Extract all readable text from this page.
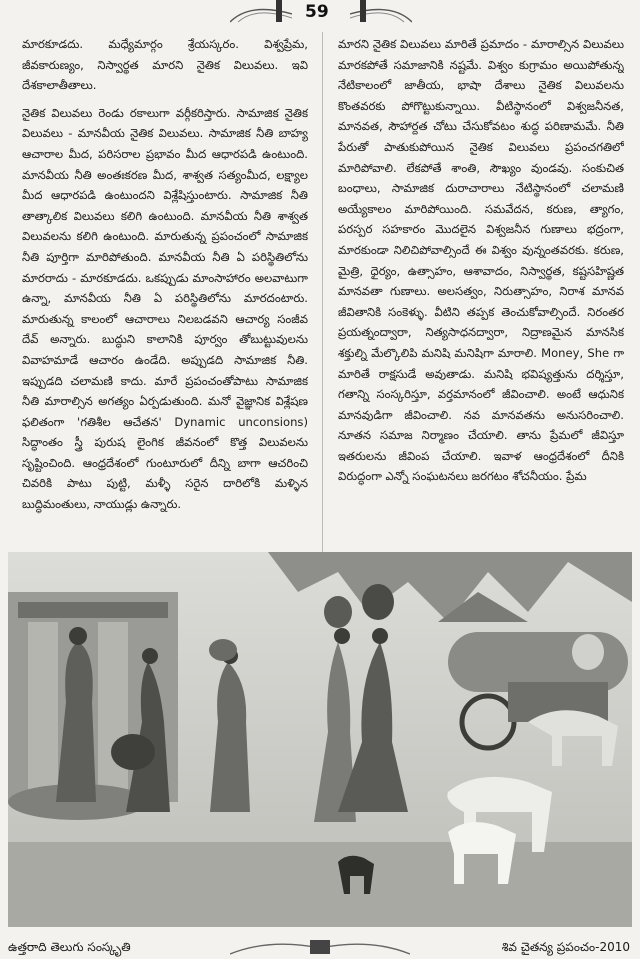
59

మారకూడదు. మధ్యేమార్గం శ్రేయస్కరం. విశ్వప్రేమ, జీవకారుణ్యం, నిస్వార్థత మారని నైతిక విలువలు. ఇవి దేశకాలాతీతాలు.

నైతిక విలువలు రెండు రకాలుగా వర్గీకరిస్తారు. సామాజిక నైతిక విలువలు - మానవీయ నైతిక విలువలు. సామాజిక నీతి బాహ్య ఆచారాల మీద, పరిసరాల ప్రభావం మీద ఆధారపడి ఉంటుంది. మానవీయ నీతి అంతఃకరణ మీద, శాశ్వత సత్యంమీద, లక్ష్యాల మీద ఆధారపడి ఉంటుందని విశ్లేషిస్తుంటారు. సామాజిక నీతి తాత్కాలిక విలువలు కలిగి ఉంటుంది. మానవీయ నీతి శాశ్వత విలువలను కలిగి ఉంటుంది. మారుతున్న ప్రపంచంలో సామాజిక నీతి పూర్తిగా మారిపోతుంది. మానవీయ నీతి ఏ పరిస్థితిలోను మారరాదు - మారకూడదు. ఒకప్పుడు మాంసాహారం అలవాటుగా ఉన్నా, మానవీయ నీతి ఏ పరిస్థితిలోను మారదంటారు. మారుతున్న కాలంలో ఆచారాలు నిలబడవని ఆచార్య సంజీవ దేవ్ అన్నారు. బుద్ధుని కాలానికి పూర్వం తోబుట్టువులను వివాహమాడే ఆచారం ఉండేది. అప్పుడది సామాజిక నీతి. ఇప్పుడది చలామణి కాదు. మారే ప్రపంచంతోపాటు సామాజిక నీతి మారాల్సిన అగత్యం ఏర్పడుతుంది. మనో వైజ్ఞానిక విశ్లేషణ ఫలితంగా 'గతిశీల ఆచేతన' Dynamic unconsions) సిద్ధాంతం స్త్రీ పురుష లైంగిక జీవనంలో కొత్త విలువలను సృష్టించింది. ఆంధ్రదేశంలో గుంటూరులో దీన్ని బాగా ఆచరించి చివరికి పాటు పుట్టి, మళ్ళీ సరైన దారిలోకి మళ్ళిన బుద్ధిమంతులు, నాయుడ్లు ఉన్నారు.

మారని నైతిక విలువలు మారితే ప్రమాదం - మారాల్సిన విలువలు మారకపోతే సమాజానికి నష్టమే. విశ్వం కుగ్రామం అయిపోతున్న నేటికాలంలో జాతీయ, భాషా దేశాలు నైతిక విలువలను కొంతవరకు పోగొట్టుకున్నాయి. వీటిస్థానంలో విశ్వజనీనత, మానవత, సౌహార్దత చోటు చేసుకోవటం శుద్ధ పరిణామమే. నీతి పేరుతో పాతుకుపోయిన నైతిక విలువలు ప్రపంచగతిలో మారిపోవాలి. లేకపోతే శాంతి, సౌఖ్యం వుండవు. సంకుచిత బంధాలు, సామాజిక దురాచారాలు నేటిస్థానంలో చలామణి అయ్యేకాలం మారిపోయింది. సమవేదన, కరుణ, త్యాగం, పరస్పర సహకారం మొదలైన విశ్వజనీన గుణాలు భద్రంగా, మారకుండా నిలిచిపోవాల్సిందే ఈ విశ్వం వున్నంతవరకు. కరుణ, మైత్రి, ధైర్యం, ఉత్సాహం, ఆశావాదం, నిస్వార్థత, కష్టసహిష్ణత మానవతా గుణాలు. అలసత్వం, నిరుత్సాహం, నిరాశ మానవ జీవితానికి సంకెళ్ళు. వీటిని తప్పక తెంచుకోవాల్సిందే. నిరంతర ప్రయత్నంద్వారా, నిత్యసాధనద్వారా, నిద్రాణమైన మానసిక శక్తుల్ని మేల్కొలిపి మనిషి మనిషిగా మారాలి. Money, She గా మారితే రాక్షసుడే అవుతాడు. మనిషి భవిష్యత్తును దర్శిస్తూ, గతాన్ని సంస్కరిస్తూ, వర్తమానంలో జీవించాలి. అంటే ఆధునిక మానవుడిగా జీవించాలి. నవ మానవతను అనుసరించాలి. నూతన సమాజ నిర్మాణం చేయాలి. తాను ప్రేమలో జీవిస్తూ ఇతరులను జీవింప చేయాలి. ఇవాళ ఆంధ్రదేశంలో దీనికి విరుద్ధంగా ఎన్నో సంఘటనలు జరగటం శోచనీయం. ప్రేమ

ఉత్తరాది తెలుగు సంస్కృతి	శివ చైతన్య ప్రపంచం-2010
